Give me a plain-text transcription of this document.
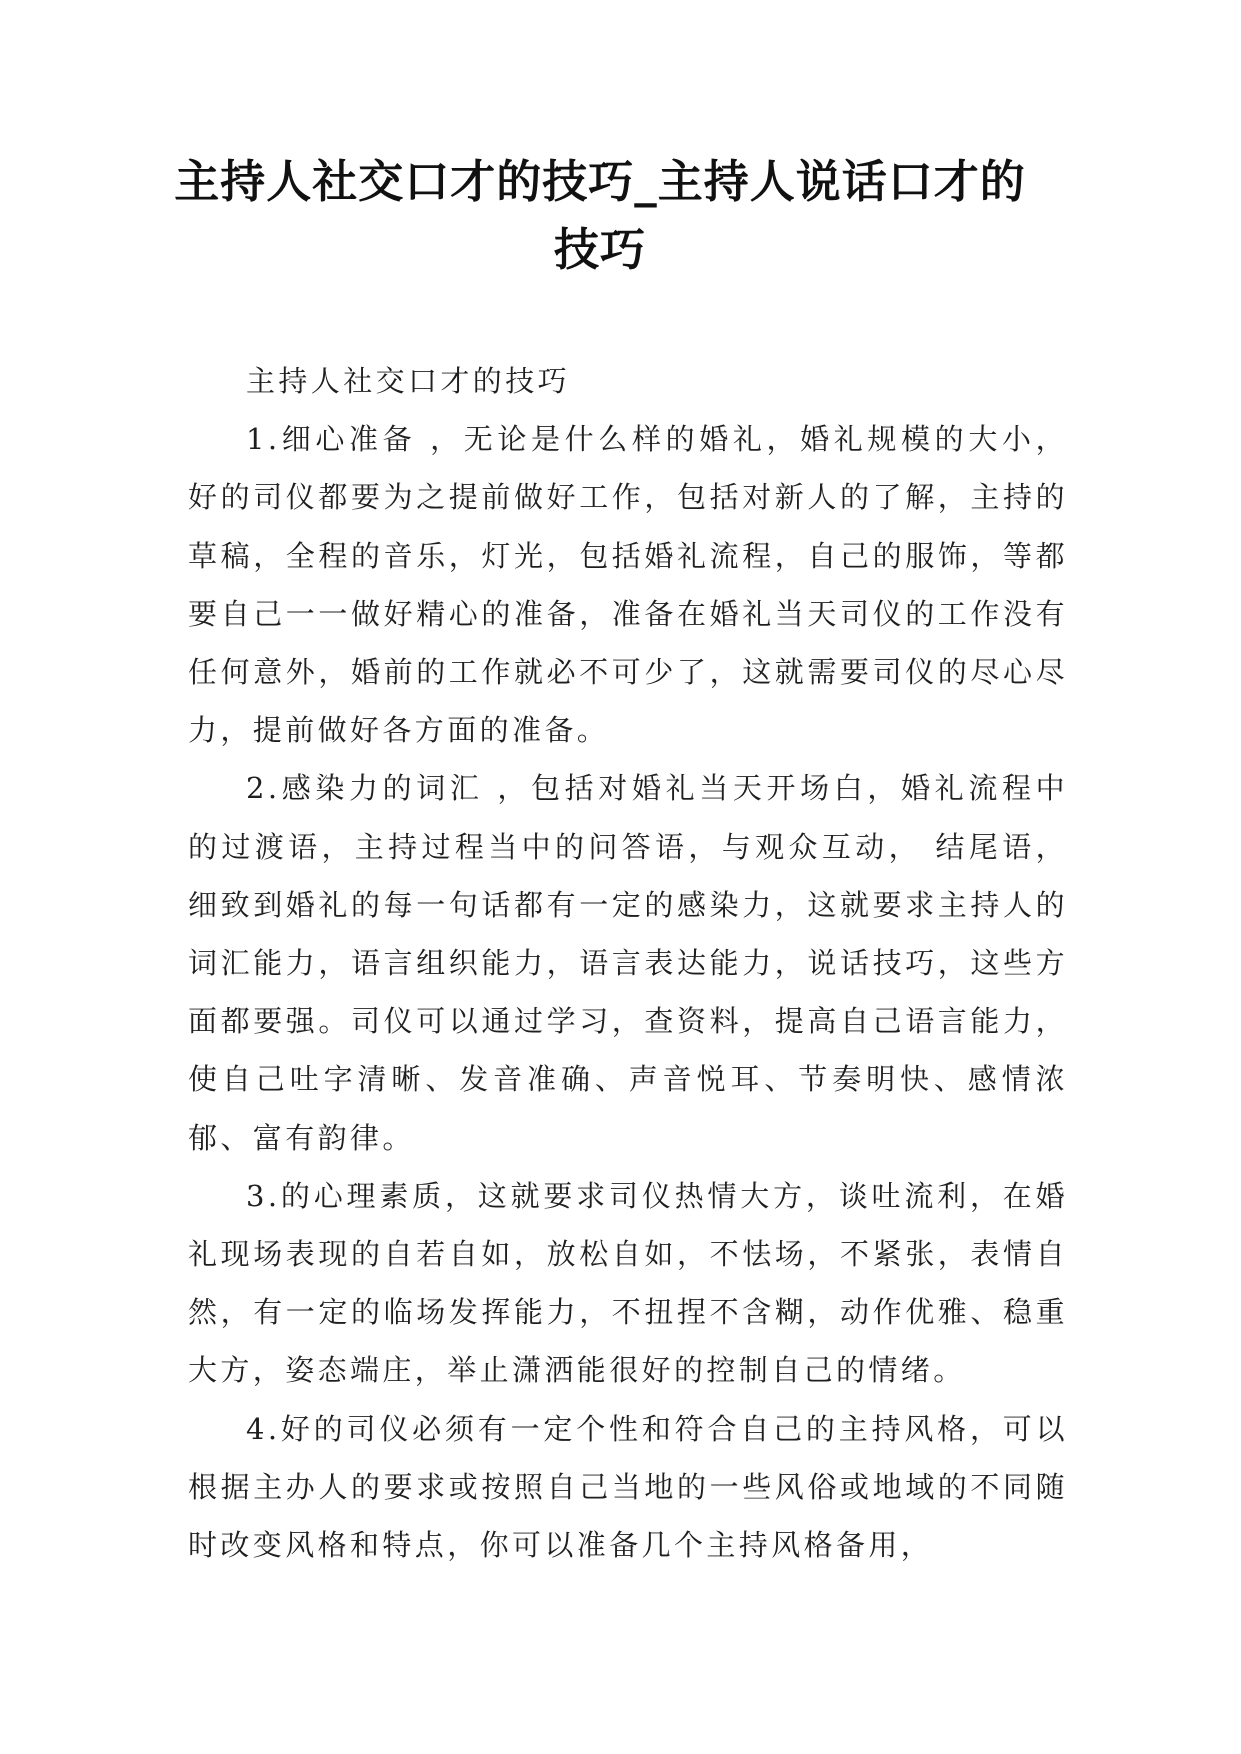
主持人社交口才的技巧_主持人说话口才的
技巧

主持人社交口才的技巧

1.细心准备 ，无论是什么样的婚礼，婚礼规模的大小，好的司仪都要为之提前做好工作，包括对新人的了解，主持的草稿，全程的音乐，灯光，包括婚礼流程，自己的服饰，等都要自己一一做好精心的准备，准备在婚礼当天司仪的工作没有任何意外，婚前的工作就必不可少了，这就需要司仪的尽心尽力，提前做好各方面的准备。

2.感染力的词汇 ，包括对婚礼当天开场白，婚礼流程中的过渡语，主持过程当中的问答语，与观众互动， 结尾语，细致到婚礼的每一句话都有一定的感染力，这就要求主持人的词汇能力，语言组织能力，语言表达能力，说话技巧，这些方面都要强。司仪可以通过学习，查资料，提高自己语言能力，使自己吐字清晰、发音准确、声音悦耳、节奏明快、感情浓郁、富有韵律。

3.的心理素质，这就要求司仪热情大方，谈吐流利，在婚礼现场表现的自若自如，放松自如，不怯场，不紧张，表情自然，有一定的临场发挥能力，不扭捏不含糊，动作优雅、稳重大方，姿态端庄，举止潇洒能很好的控制自己的情绪。

4.好的司仪必须有一定个性和符合自己的主持风格，可以根据主办人的要求或按照自己当地的一些风俗或地域的不同随时改变风格和特点，你可以准备几个主持风格备用，
